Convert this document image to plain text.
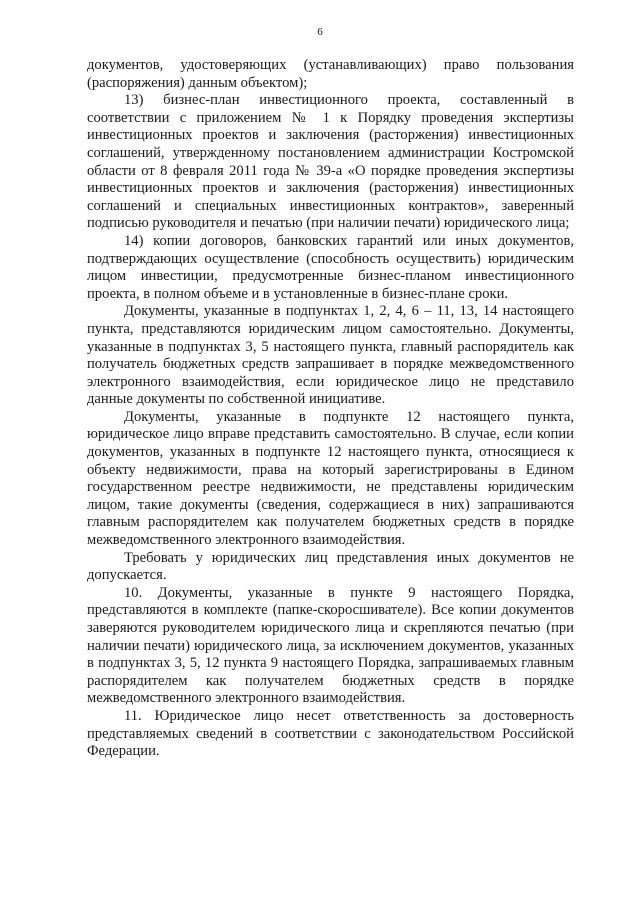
6

документов, удостоверяющих (устанавливающих) право пользования (распоряжения) данным объектом);

13) бизнес-план инвестиционного проекта, составленный в соответствии с приложением № 1 к Порядку проведения экспертизы инвестиционных проектов и заключения (расторжения) инвестиционных соглашений, утвержденному постановлением администрации Костромской области от 8 февраля 2011 года № 39-а «О порядке проведения экспертизы инвестиционных проектов и заключения (расторжения) инвестиционных соглашений и специальных инвестиционных контрактов», заверенный подписью руководителя и печатью (при наличии печати) юридического лица;

14) копии договоров, банковских гарантий или иных документов, подтверждающих осуществление (способность осуществить) юридическим лицом инвестиции, предусмотренные бизнес-планом инвестиционного проекта, в полном объеме и в установленные в бизнес-плане сроки.

Документы, указанные в подпунктах 1, 2, 4, 6 – 11, 13, 14 настоящего пункта, представляются юридическим лицом самостоятельно. Документы, указанные в подпунктах 3, 5 настоящего пункта, главный распорядитель как получатель бюджетных средств запрашивает в порядке межведомственного электронного взаимодействия, если юридическое лицо не представило данные документы по собственной инициативе.

Документы, указанные в подпункте 12 настоящего пункта, юридическое лицо вправе представить самостоятельно. В случае, если копии документов, указанных в подпункте 12 настоящего пункта, относящиеся к объекту недвижимости, права на который зарегистрированы в Едином государственном реестре недвижимости, не представлены юридическим лицом, такие документы (сведения, содержащиеся в них) запрашиваются главным распорядителем как получателем бюджетных средств в порядке межведомственного электронного взаимодействия.

Требовать у юридических лиц представления иных документов не допускается.

10. Документы, указанные в пункте 9 настоящего Порядка, представляются в комплекте (папке-скоросшивателе). Все копии документов заверяются руководителем юридического лица и скрепляются печатью (при наличии печати) юридического лица, за исключением документов, указанных в подпунктах 3, 5, 12 пункта 9 настоящего Порядка, запрашиваемых главным распорядителем как получателем бюджетных средств в порядке межведомственного электронного взаимодействия.

11. Юридическое лицо несет ответственность за достоверность представляемых сведений в соответствии с законодательством Российской Федерации.
